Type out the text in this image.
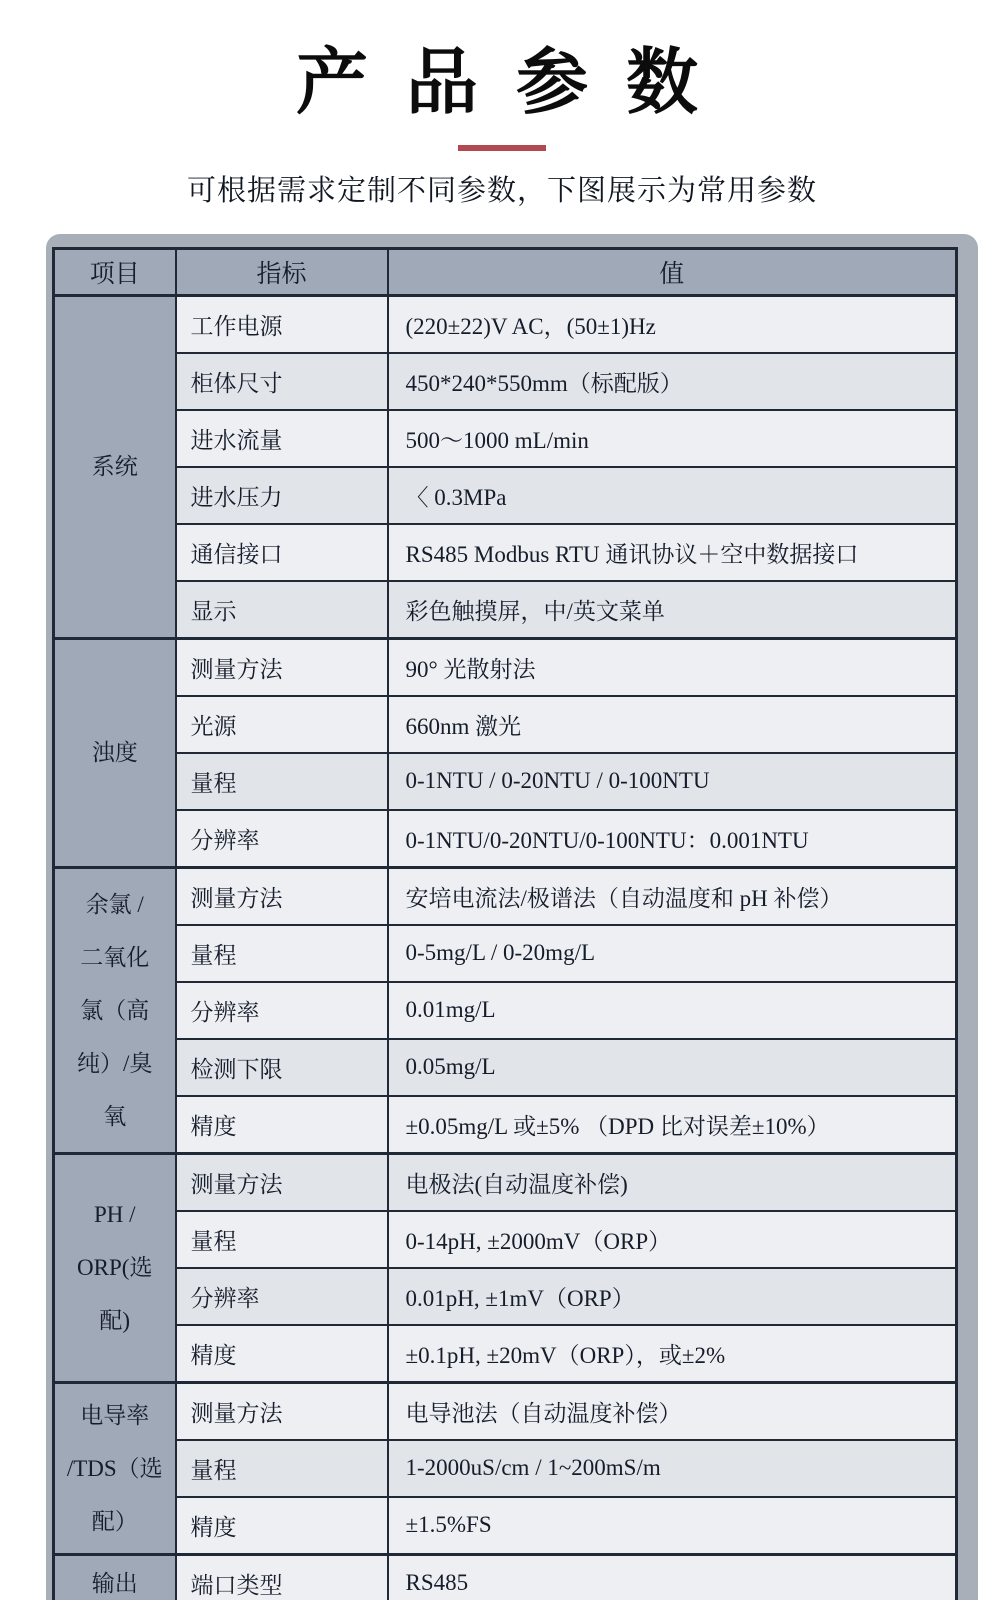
产 品 参 数
可根据需求定制不同参数，下图展示为常用参数
项目	指标	值

系统	工作电源	(220±22)V AC，(50±1)Hz
	柜体尺寸	450*240*550mm（标配版）
	进水流量	500～1000 mL/min
	进水压力	〈 0.3MPa
	通信接口	RS485 Modbus RTU 通讯协议＋空中数据接口
	显示	彩色触摸屏，中/英文菜单

浊度	测量方法	90° 光散射法
	光源	660nm 激光
	量程	0-1NTU / 0-20NTU / 0-100NTU
	分辨率	0-1NTU/0-20NTU/0-100NTU：0.001NTU

余氯 /
二氧化
氯（高
纯）/臭
氧	测量方法	安培电流法/极谱法（自动温度和 pH 补偿）
	量程	0-5mg/L / 0-20mg/L
	分辨率	0.01mg/L
	检测下限	0.05mg/L
	精度	±0.05mg/L 或±5% （DPD 比对误差±10%）

PH /
ORP(选
配)	测量方法	电极法(自动温度补偿)
	量程	0-14pH, ±2000mV（ORP）
	分辨率	0.01pH, ±1mV（ORP）
	精度	±0.1pH, ±20mV（ORP），或±2%

电导率
/TDS（选
配）	测量方法	电导池法（自动温度补偿）
	量程	1-2000uS/cm / 1~200mS/m
	精度	±1.5%FS

输出	端口类型	RS485
